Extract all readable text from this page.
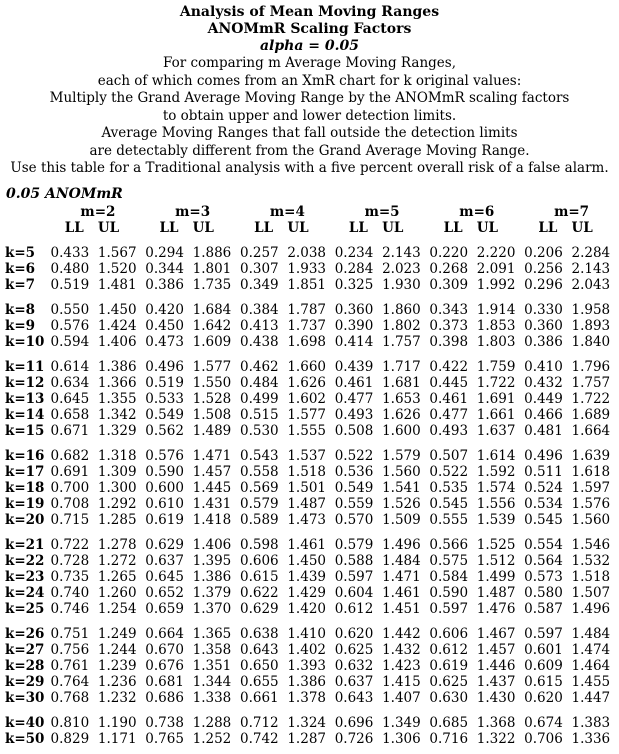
Analysis of Mean Moving Ranges
ANOMmR Scaling Factors
alpha = 0.05
For comparing m Average Moving Ranges,
each of which comes from an XmR chart for k original values:
Multiply the Grand Average Moving Range by the ANOMmR scaling factors
to obtain upper and lower detection limits.
Average Moving Ranges that fall outside the detection limits
are detectably different from the Grand Average Moving Range.
Use this table for a Traditional analysis with a five percent overall risk of a false alarm.
0.05 ANOMmR
	m=2		m=3		m=4		m=5		m=6		m=7	
	LL	UL	LL	UL	LL	UL	LL	UL	LL	UL	LL	UL

k=5	0.433	1.567	0.294	1.886	0.257	2.038	0.234	2.143	0.220	2.220	0.206	2.284
k=6	0.480	1.520	0.344	1.801	0.307	1.933	0.284	2.023	0.268	2.091	0.256	2.143
k=7	0.519	1.481	0.386	1.735	0.349	1.851	0.325	1.930	0.309	1.992	0.296	2.043

k=8	0.550	1.450	0.420	1.684	0.384	1.787	0.360	1.860	0.343	1.914	0.330	1.958
k=9	0.576	1.424	0.450	1.642	0.413	1.737	0.390	1.802	0.373	1.853	0.360	1.893
k=10	0.594	1.406	0.473	1.609	0.438	1.698	0.414	1.757	0.398	1.803	0.386	1.840

k=11	0.614	1.386	0.496	1.577	0.462	1.660	0.439	1.717	0.422	1.759	0.410	1.796
k=12	0.634	1.366	0.519	1.550	0.484	1.626	0.461	1.681	0.445	1.722	0.432	1.757
k=13	0.645	1.355	0.533	1.528	0.499	1.602	0.477	1.653	0.461	1.691	0.449	1.722
k=14	0.658	1.342	0.549	1.508	0.515	1.577	0.493	1.626	0.477	1.661	0.466	1.689
k=15	0.671	1.329	0.562	1.489	0.530	1.555	0.508	1.600	0.493	1.637	0.481	1.664

k=16	0.682	1.318	0.576	1.471	0.543	1.537	0.522	1.579	0.507	1.614	0.496	1.639
k=17	0.691	1.309	0.590	1.457	0.558	1.518	0.536	1.560	0.522	1.592	0.511	1.618
k=18	0.700	1.300	0.600	1.445	0.569	1.501	0.549	1.541	0.535	1.574	0.524	1.597
k=19	0.708	1.292	0.610	1.431	0.579	1.487	0.559	1.526	0.545	1.556	0.534	1.576
k=20	0.715	1.285	0.619	1.418	0.589	1.473	0.570	1.509	0.555	1.539	0.545	1.560

k=21	0.722	1.278	0.629	1.406	0.598	1.461	0.579	1.496	0.566	1.525	0.554	1.546
k=22	0.728	1.272	0.637	1.395	0.606	1.450	0.588	1.484	0.575	1.512	0.564	1.532
k=23	0.735	1.265	0.645	1.386	0.615	1.439	0.597	1.471	0.584	1.499	0.573	1.518
k=24	0.740	1.260	0.652	1.379	0.622	1.429	0.604	1.461	0.590	1.487	0.580	1.507
k=25	0.746	1.254	0.659	1.370	0.629	1.420	0.612	1.451	0.597	1.476	0.587	1.496

k=26	0.751	1.249	0.664	1.365	0.638	1.410	0.620	1.442	0.606	1.467	0.597	1.484
k=27	0.756	1.244	0.670	1.358	0.643	1.402	0.625	1.432	0.612	1.457	0.601	1.474
k=28	0.761	1.239	0.676	1.351	0.650	1.393	0.632	1.423	0.619	1.446	0.609	1.464
k=29	0.764	1.236	0.681	1.344	0.655	1.386	0.637	1.415	0.625	1.437	0.615	1.455
k=30	0.768	1.232	0.686	1.338	0.661	1.378	0.643	1.407	0.630	1.430	0.620	1.447

k=40	0.810	1.190	0.738	1.288	0.712	1.324	0.696	1.349	0.685	1.368	0.674	1.383
k=50	0.829	1.171	0.765	1.252	0.742	1.287	0.726	1.306	0.716	1.322	0.706	1.336
